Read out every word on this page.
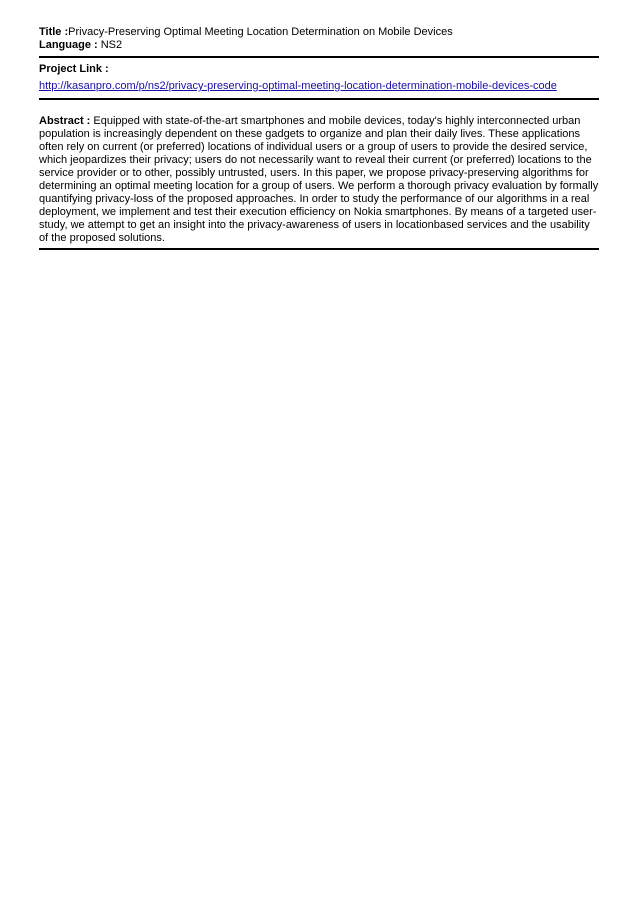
Title :Privacy-Preserving Optimal Meeting Location Determination on Mobile Devices
Language : NS2
Project Link :
http://kasanpro.com/p/ns2/privacy-preserving-optimal-meeting-location-determination-mobile-devices-code
Abstract : Equipped with state-of-the-art smartphones and mobile devices, today's highly interconnected urban population is increasingly dependent on these gadgets to organize and plan their daily lives. These applications often rely on current (or preferred) locations of individual users or a group of users to provide the desired service, which jeopardizes their privacy; users do not necessarily want to reveal their current (or preferred) locations to the service provider or to other, possibly untrusted, users. In this paper, we propose privacy-preserving algorithms for determining an optimal meeting location for a group of users. We perform a thorough privacy evaluation by formally quantifying privacy-loss of the proposed approaches. In order to study the performance of our algorithms in a real deployment, we implement and test their execution efficiency on Nokia smartphones. By means of a targeted user-study, we attempt to get an insight into the privacy-awareness of users in locationbased services and the usability of the proposed solutions.
